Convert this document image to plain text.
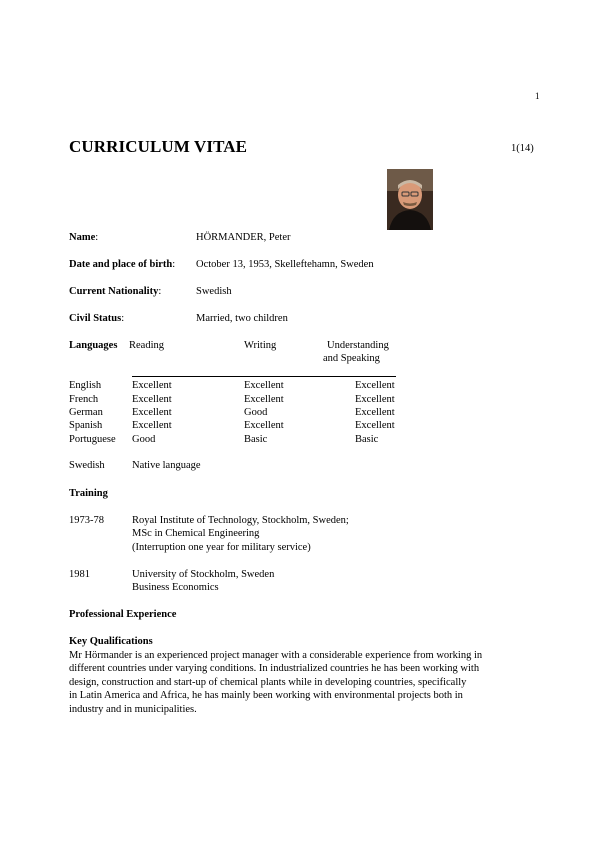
1
CURRICULUM VITAE	1(14)
Name:	HÖRMANDER, Peter
Date and place of birth: October 13, 1953, Skelleftehamn, Sweden
Current Nationality:	Swedish
Civil Status:	Married, two children
Languages Reading	Writing	Understanding
and Speaking
English	Excellent	Excellent	Excellent
French	Excellent	Excellent	Excellent
German	Excellent	Good	Excellent
Spanish	Excellent	Excellent	Excellent
Portuguese Good	Basic	Basic
Swedish	Native language
Training
1973-78	Royal Institute of Technology, Stockholm, Sweden;
MSc in Chemical Engineering
(Interruption one year for military service)
1981	University of Stockholm, Sweden
Business Economics
Professional Experience
Key Qualifications
Mr Hörmander is an experienced project manager with a considerable experience from working in
different countries under varying conditions. In industrialized countries he has been working with
design, construction and start-up of chemical plants while in developing countries, specifically
in Latin America and Africa, he has mainly been working with environmental projects both in
industry and in municipalities.
